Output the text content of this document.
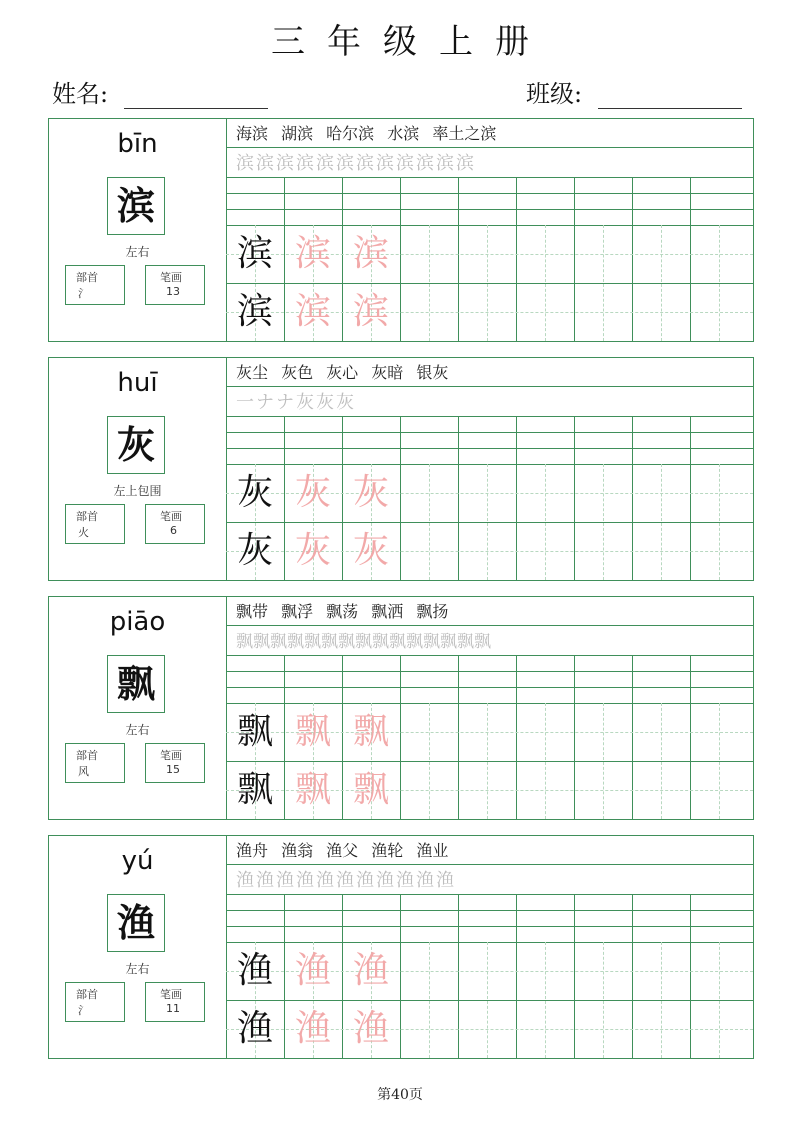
三年级上册
姓名:	班级:
bīn
滨
左右
部首
氵
笔画
13
海滨 湖滨 哈尔滨 水滨 率土之滨
滨滨滨滨滨滨滨滨滨滨滨滨
滨 滨 滨
滨 滨 滨
huī
灰
左上包围
部首
火
笔画
6
灰尘 灰色 灰心 灰暗 银灰
一ナナ灰灰灰
灰 灰 灰
灰 灰 灰
piāo
飘
左右
部首
风
笔画
15
飘带 飘浮 飘荡 飘洒 飘扬
飘飘飘飘飘飘飘飘飘飘飘飘飘飘飘
飘 飘 飘
飘 飘 飘
yú
渔
左右
部首
氵
笔画
11
渔舟 渔翁 渔父 渔轮 渔业
渔渔渔渔渔渔渔渔渔渔渔
渔 渔 渔
渔 渔 渔
第40页
